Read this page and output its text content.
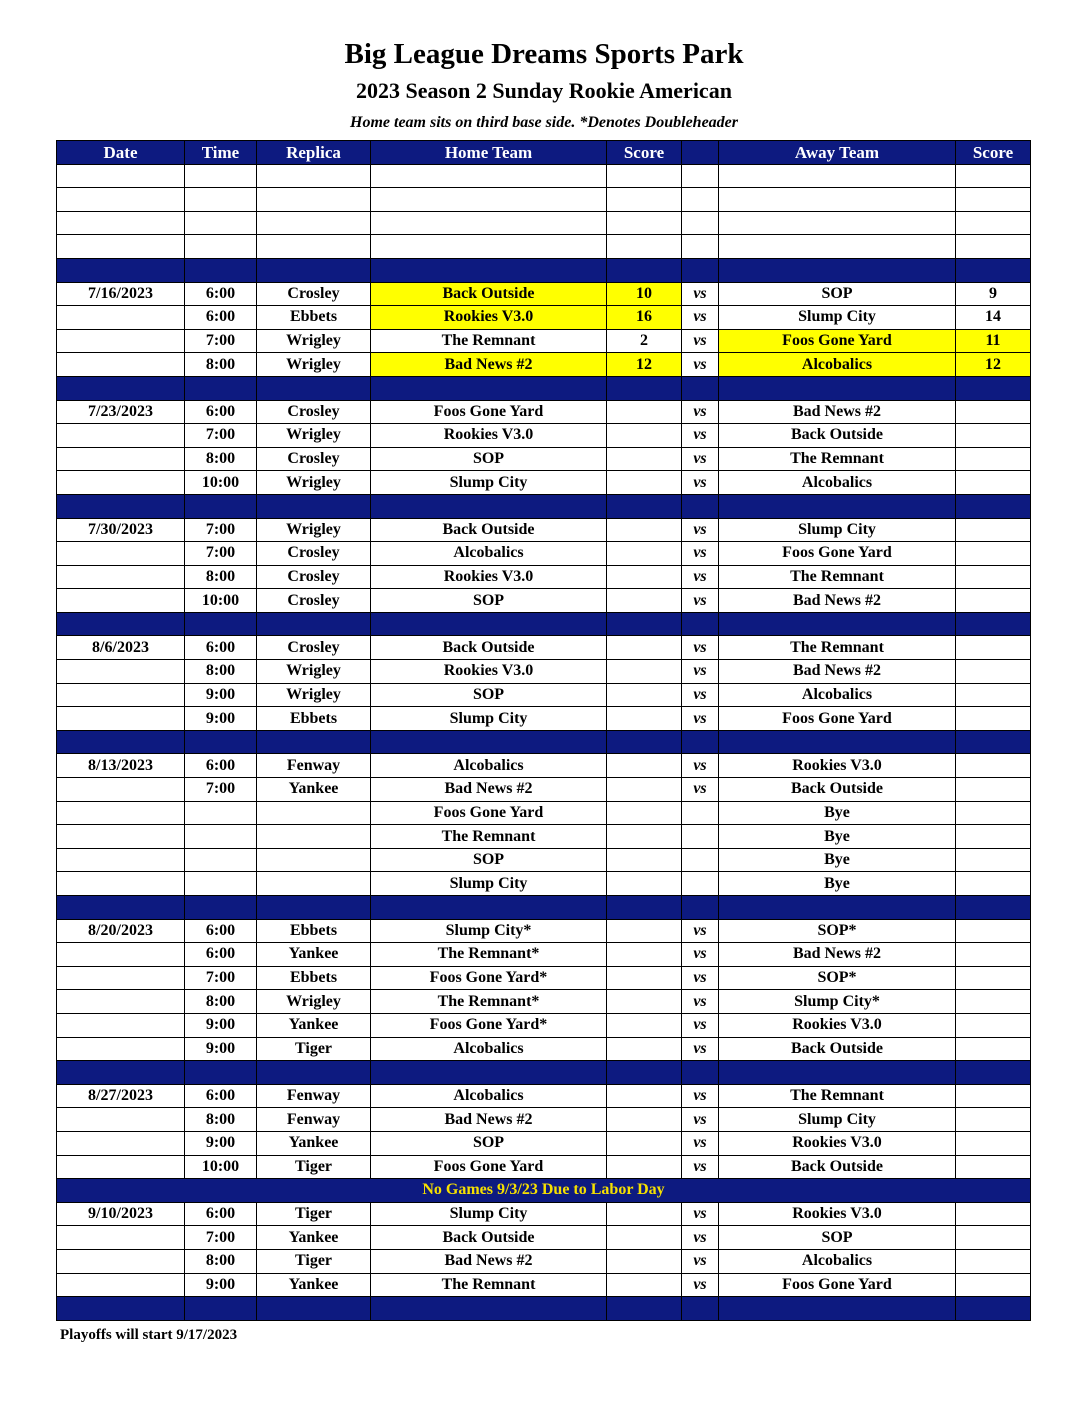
Big League Dreams Sports Park
2023 Season 2 Sunday Rookie American
Home team sits on third base side. *Denotes Doubleheader
Date	Time	Replica	Home Team	Score		Away Team	Score

7/16/2023	6:00	Crosley	Back Outside	10	vs	SOP	9
	6:00	Ebbets	Rookies V3.0	16	vs	Slump City	14
	7:00	Wrigley	The Remnant	2	vs	Foos Gone Yard	11
	8:00	Wrigley	Bad News #2	12	vs	Alcobalics	12

7/23/2023	6:00	Crosley	Foos Gone Yard		vs	Bad News #2	
	7:00	Wrigley	Rookies V3.0		vs	Back Outside	
	8:00	Crosley	SOP		vs	The Remnant	
	10:00	Wrigley	Slump City		vs	Alcobalics	

7/30/2023	7:00	Wrigley	Back Outside		vs	Slump City	
	7:00	Crosley	Alcobalics		vs	Foos Gone Yard	
	8:00	Crosley	Rookies V3.0		vs	The Remnant	
	10:00	Crosley	SOP		vs	Bad News #2	

8/6/2023	6:00	Crosley	Back Outside		vs	The Remnant	
	8:00	Wrigley	Rookies V3.0		vs	Bad News #2	
	9:00	Wrigley	SOP		vs	Alcobalics	
	9:00	Ebbets	Slump City		vs	Foos Gone Yard	

8/13/2023	6:00	Fenway	Alcobalics		vs	Rookies V3.0	
	7:00	Yankee	Bad News #2		vs	Back Outside	
			Foos Gone Yard			Bye	
			The Remnant			Bye	
			SOP			Bye	
			Slump City			Bye	

8/20/2023	6:00	Ebbets	Slump City*		vs	SOP*	
	6:00	Yankee	The Remnant*		vs	Bad News #2	
	7:00	Ebbets	Foos Gone Yard*		vs	SOP*	
	8:00	Wrigley	The Remnant*		vs	Slump City*	
	9:00	Yankee	Foos Gone Yard*		vs	Rookies V3.0	
	9:00	Tiger	Alcobalics		vs	Back Outside	

8/27/2023	6:00	Fenway	Alcobalics		vs	The Remnant	
	8:00	Fenway	Bad News #2		vs	Slump City	
	9:00	Yankee	SOP		vs	Rookies V3.0	
	10:00	Tiger	Foos Gone Yard		vs	Back Outside	
No Games 9/3/23 Due to Labor Day							
9/10/2023	6:00	Tiger	Slump City		vs	Rookies V3.0	
	7:00	Yankee	Back Outside		vs	SOP	
	8:00	Tiger	Bad News #2		vs	Alcobalics	
	9:00	Yankee	The Remnant		vs	Foos Gone Yard	

Playoffs will start 9/17/2023
